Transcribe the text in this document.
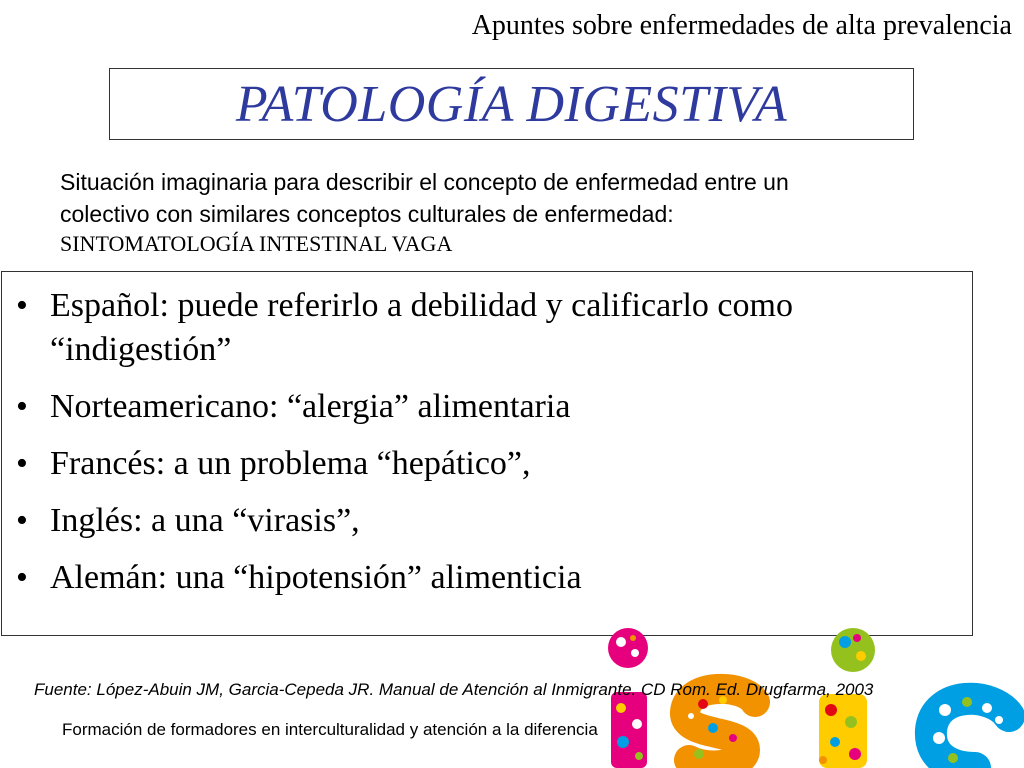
Apuntes sobre enfermedades de alta prevalencia
PATOLOGÍA DIGESTIVA
Situación imaginaria para describir el concepto de enfermedad entre un
colectivo con similares conceptos culturales de enfermedad:
SINTOMATOLOGÍA INTESTINAL VAGA
• Español: puede referirlo a debilidad y calificarlo como “indigestión”
• Norteamericano: “alergia” alimentaria
• Francés: a un problema “hepático”,
• Inglés: a una “virasis”,
• Alemán: una “hipotensión” alimenticia
Fuente: López-Abuin JM, Garcia-Cepeda JR. Manual de Atención al Inmigrante. CD Rom. Ed. Drugfarma, 2003
Formación de formadores en interculturalidad y atención a la diferencia
